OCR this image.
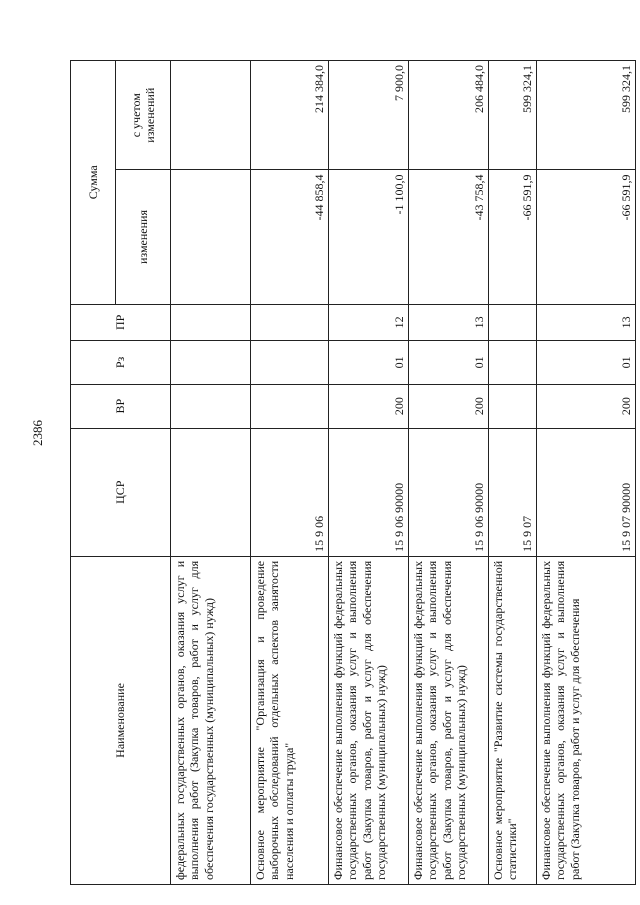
2386
Наименование	ЦСР	ВР	Рз	ПР	Сумма	
					изменения	с учетом изменений
федеральных государственных органов, оказания услуг и выполнения работ (Закупка товаров, работ и услуг для обеспечения государственных (муниципальных) нужд)						
Основное мероприятие "Организация и проведение выборочных обследований отдельных аспектов занятости населения и оплаты труда"	15 9 06				-44 858,4	214 384,0
Финансовое обеспечение выполнения функций федеральных государственных органов, оказания услуг и выполнения работ (Закупка товаров, работ и услуг для обеспечения государственных (муниципальных) нужд)	15 9 06 90000	200	01	12	-1 100,0	7 900,0
Финансовое обеспечение выполнения функций федеральных государственных органов, оказания услуг и выполнения работ (Закупка товаров, работ и услуг для обеспечения государственных (муниципальных) нужд)	15 9 06 90000	200	01	13	-43 758,4	206 484,0
Основное мероприятие "Развитие системы государственной статистики"	15 9 07				-66 591,9	599 324,1
Финансовое обеспечение выполнения функций федеральных государственных органов, оказания услуг и выполнения работ (Закупка товаров, работ и услуг для обеспечения	15 9 07 90000	200	01	13	-66 591,9	599 324,1
